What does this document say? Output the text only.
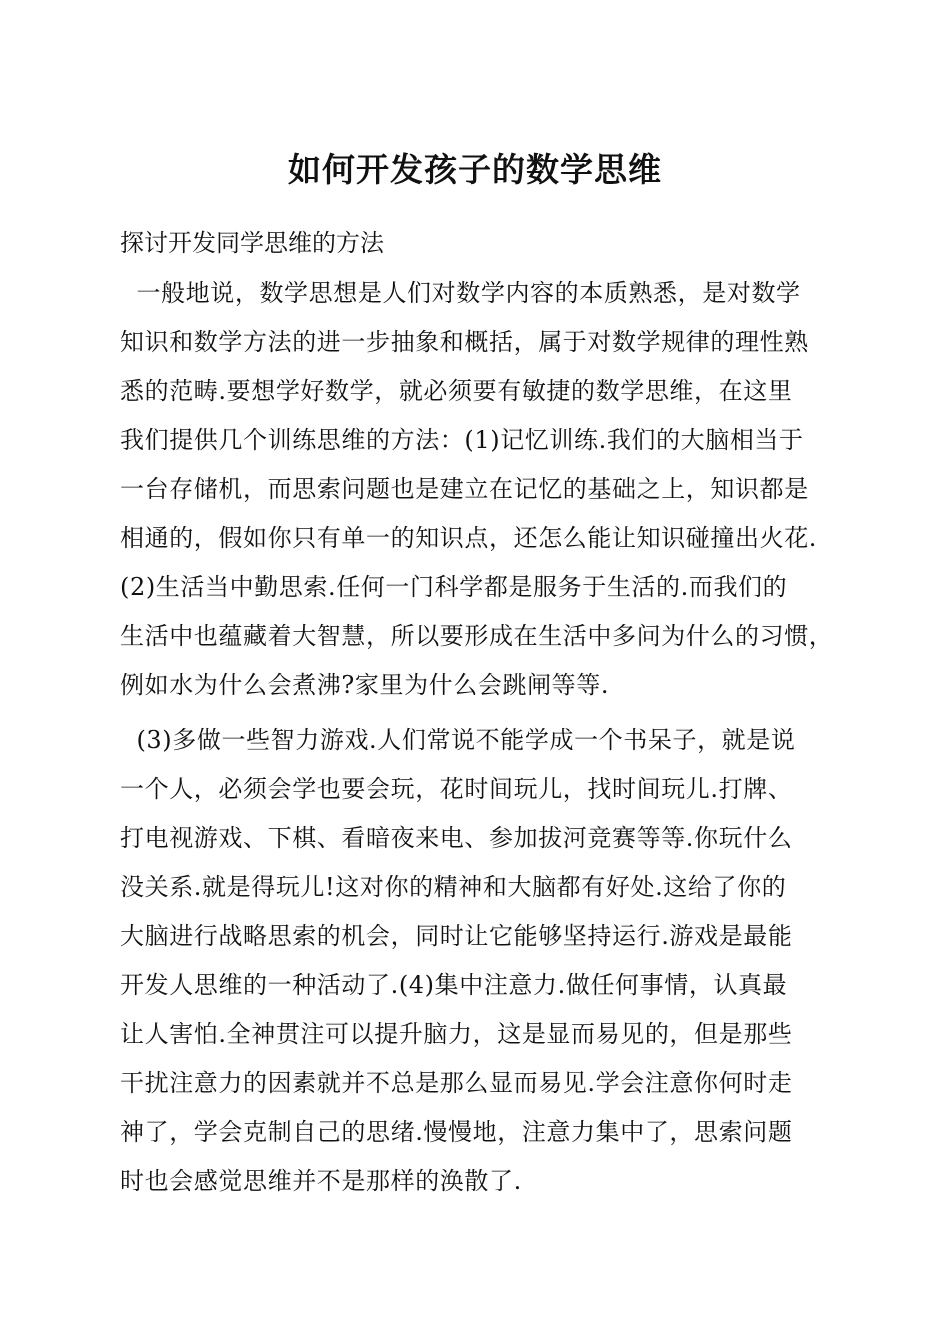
如何开发孩子的数学思维
探讨开发同学思维的方法
一般地说，数学思想是人们对数学内容的本质熟悉，是对数学
知识和数学方法的进一步抽象和概括，属于对数学规律的理性熟
悉的范畴.要想学好数学，就必须要有敏捷的数学思维，在这里
我们提供几个训练思维的方法：(1)记忆训练.我们的大脑相当于
一台存储机，而思索问题也是建立在记忆的基础之上，知识都是
相通的，假如你只有单一的知识点，还怎么能让知识碰撞出火花.
(2)生活当中勤思索.任何一门科学都是服务于生活的.而我们的
生活中也蕴藏着大智慧，所以要形成在生活中多问为什么的习惯，
例如水为什么会煮沸?家里为什么会跳闸等等.
(3)多做一些智力游戏.人们常说不能学成一个书呆子，就是说
一个人，必须会学也要会玩，花时间玩儿，找时间玩儿.打牌、
打电视游戏、下棋、看暗夜来电、参加拔河竞赛等等.你玩什么
没关系.就是得玩儿!这对你的精神和大脑都有好处.这给了你的
大脑进行战略思索的机会，同时让它能够坚持运行.游戏是最能
开发人思维的一种活动了.(4)集中注意力.做任何事情，认真最
让人害怕.全神贯注可以提升脑力，这是显而易见的，但是那些
干扰注意力的因素就并不总是那么显而易见.学会注意你何时走
神了，学会克制自己的思绪.慢慢地，注意力集中了，思索问题
时也会感觉思维并不是那样的涣散了.
